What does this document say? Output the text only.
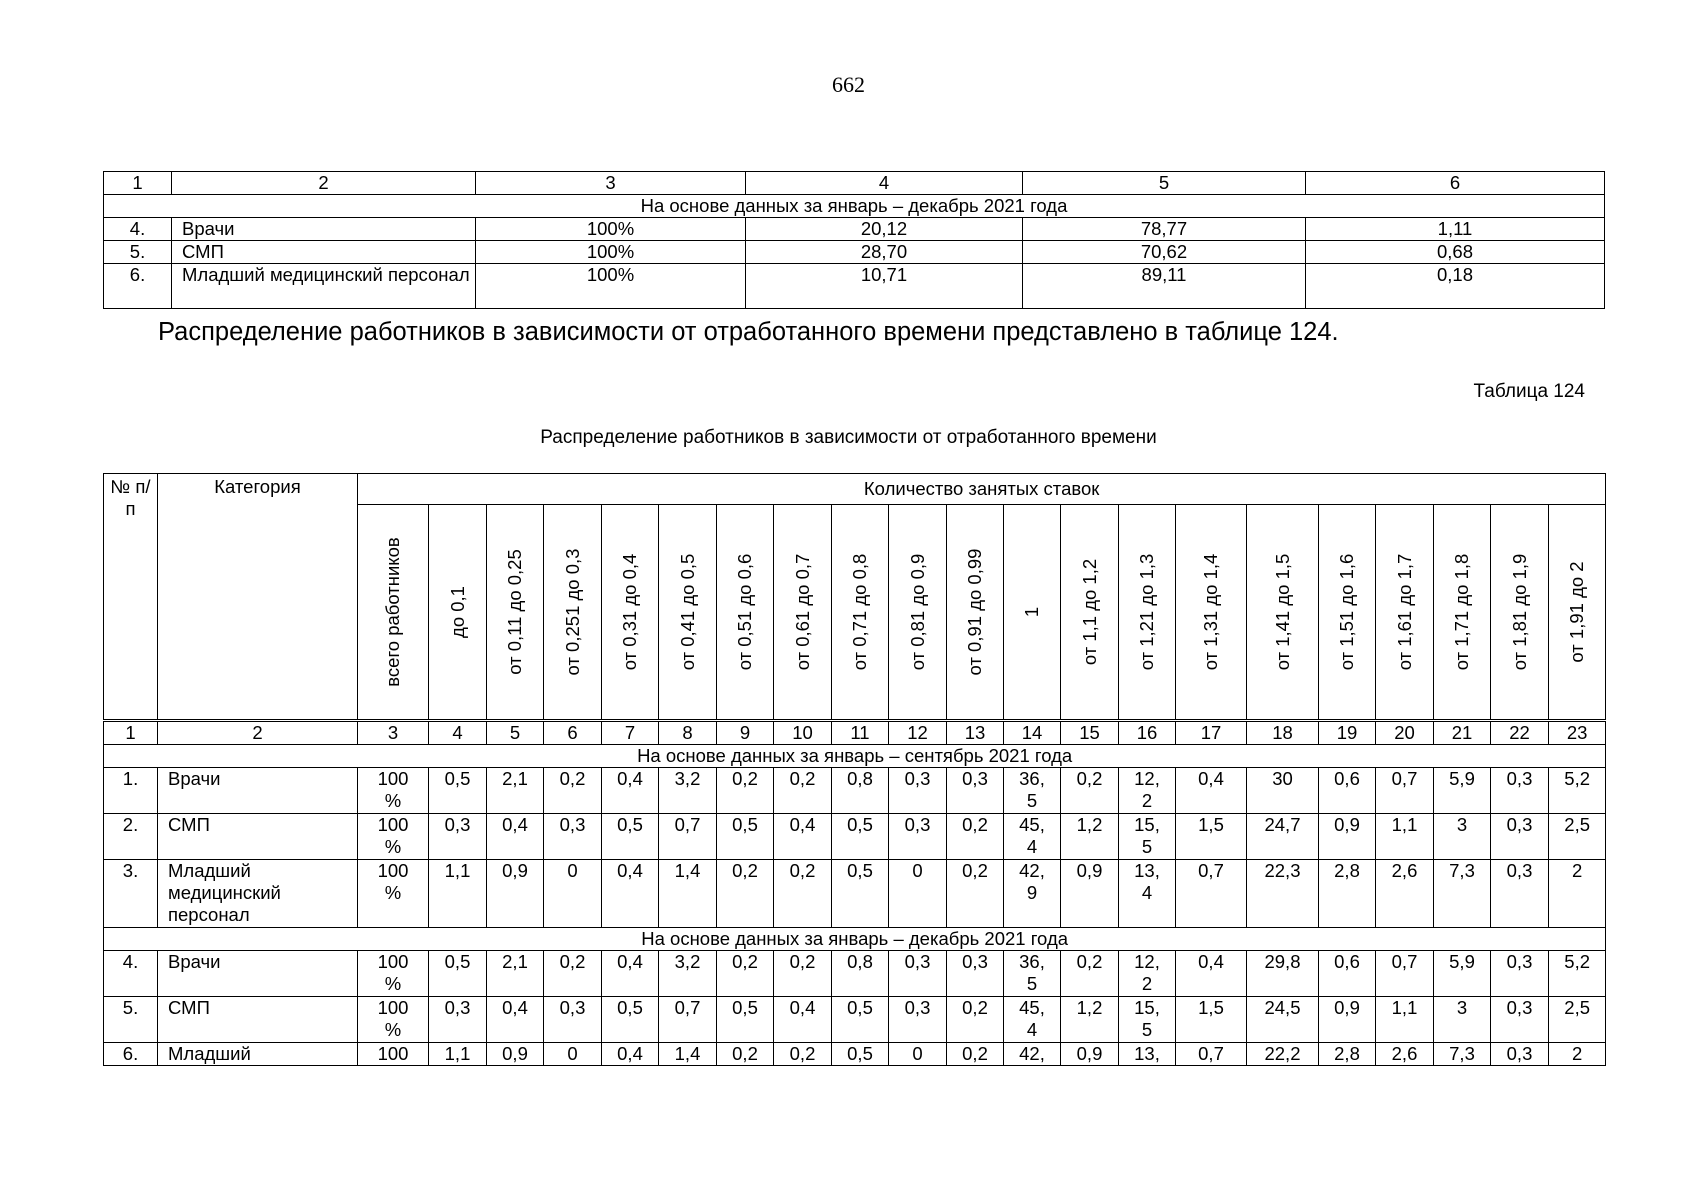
662
1	2	3	4	5	6
На основе данных за январь – декабрь 2021 года					
4.	Врачи	100%	20,12	78,77	1,11
5.	СМП	100%	28,70	70,62	0,68
6.	Младший медицинский персонал	100%	10,71	89,11	0,18
Распределение работников в зависимости от отработанного времени представлено в таблице 124.
Таблица 124
Распределение работников в зависимости от отработанного времени
№ п/п	Категория	Количество занятых ставок																				

		всего работников	до 0,1	от 0,11 до 0,25	от 0,251 до 0,3	от 0,31 до 0,4	от 0,41 до 0,5	от 0,51 до 0,6	от 0,61 до 0,7	от 0,71 до 0,8	от 0,81 до 0,9	от 0,91 до 0,99	1	от 1,1 до 1,2	от 1,21 до 1,3	от 1,31 до 1,4	от 1,41 до 1,5	от 1,51 до 1,6	от 1,61 до 1,7	от 1,71 до 1,8	от 1,81 до 1,9	от 1,91 до 2

1	2	3	4	5	6	7	8	9	10	11	12	13	14	15	16	17	18	19	20	21	22	23
На основе данных за январь – сентябрь 2021 года																						
1.	Врачи	100 %	0,5	2,1	0,2	0,4	3,2	0,2	0,2	0,8	0,3	0,3	36, 5	0,2	12, 2	0,4	30	0,6	0,7	5,9	0,3	5,2
2.	СМП	100 %	0,3	0,4	0,3	0,5	0,7	0,5	0,4	0,5	0,3	0,2	45, 4	1,2	15, 5	1,5	24,7	0,9	1,1	3	0,3	2,5
3.	Младший медицинский персонал	100 %	1,1	0,9	0	0,4	1,4	0,2	0,2	0,5	0	0,2	42, 9	0,9	13, 4	0,7	22,3	2,8	2,6	7,3	0,3	2
На основе данных за январь – декабрь 2021 года																						
4.	Врачи	100 %	0,5	2,1	0,2	0,4	3,2	0,2	0,2	0,8	0,3	0,3	36, 5	0,2	12, 2	0,4	29,8	0,6	0,7	5,9	0,3	5,2
5.	СМП	100 %	0,3	0,4	0,3	0,5	0,7	0,5	0,4	0,5	0,3	0,2	45, 4	1,2	15, 5	1,5	24,5	0,9	1,1	3	0,3	2,5
6.	Младший	100	1,1	0,9	0	0,4	1,4	0,2	0,2	0,5	0	0,2	42,	0,9	13,	0,7	22,2	2,8	2,6	7,3	0,3	2
